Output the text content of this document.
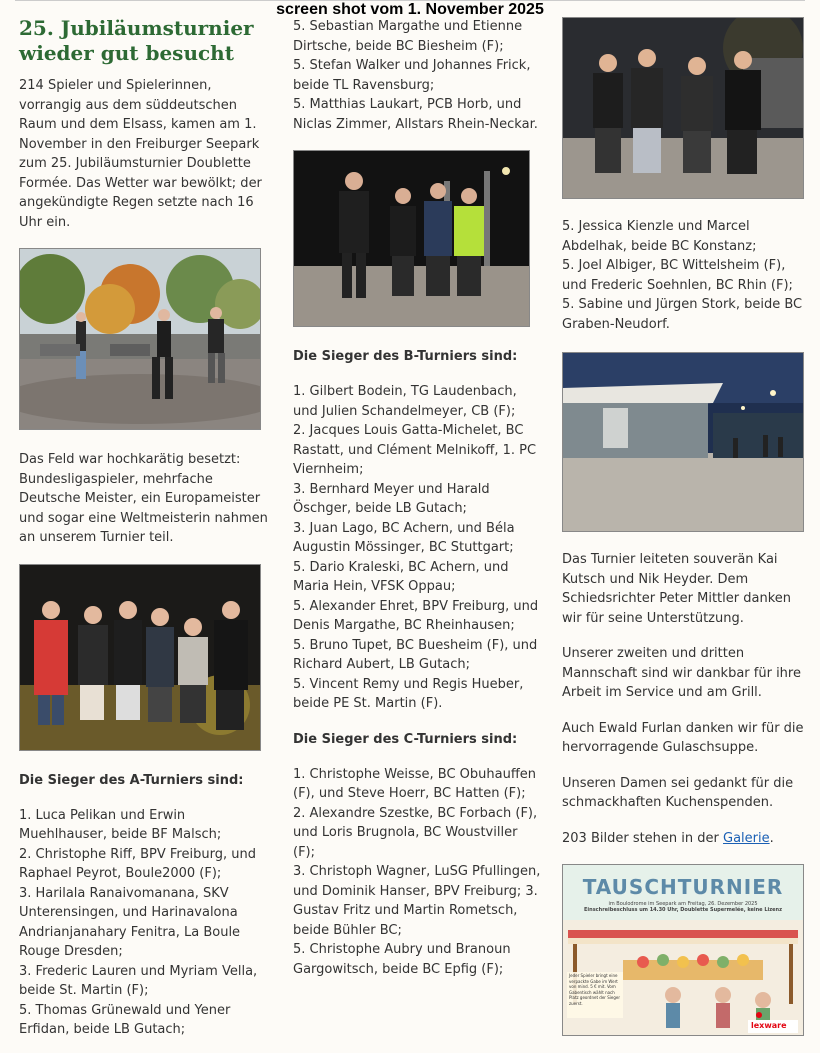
screen shot vom 1. November 2025
25. Jubiläumsturnier wieder gut besucht

214 Spieler und Spielerinnen, vorrangig aus dem süddeutschen Raum und dem Elsass, kamen am 1. November in den Freiburger Seepark zum 25. Jubiläumsturnier Doublette Formée. Das Wetter war bewölkt; der angekündigte Regen setzte nach 16 Uhr ein.

Das Feld war hochkarätig besetzt: Bundesligaspieler, mehrfache Deutsche Meister, ein Europameister und sogar eine Weltmeisterin nahmen an unserem Turnier teil.

Die Sieger des A-Turniers sind:
1. Luca Pelikan und Erwin Muehlhauser, beide BF Malsch;
2. Christophe Riff, BPV Freiburg, und Raphael Peyrot, Boule2000 (F);
3. Harilala Ranaivomanana, SKV Unterensingen, und Harinavalona Andrianjanahary Fenitra, La Boule Rouge Dresden;
3. Frederic Lauren und Myriam Vella, beide St. Martin (F);
5. Thomas Grünewald und Yener Erfidan, beide LB Gutach;
5. Sebastian Margathe und Etienne Dirtsche, beide BC Biesheim (F);
5. Stefan Walker und Johannes Frick, beide TL Ravensburg;
5. Matthias Laukart, PCB Horb, und Niclas Zimmer, Allstars Rhein-Neckar.
Die Sieger des B-Turniers sind:
1. Gilbert Bodein, TG Laudenbach, und Julien Schandelmeyer, CB (F);
2. Jacques Louis Gatta-Michelet, BC Rastatt, und Clément Melnikoff, 1. PC Viernheim;
3. Bernhard Meyer und Harald Öschger, beide LB Gutach;
3. Juan Lago, BC Achern, und Béla Augustin Mössinger, BC Stuttgart;
5. Dario Kraleski, BC Achern, und Maria Hein, VFSK Oppau;
5. Alexander Ehret, BPV Freiburg, und Denis Margathe, BC Rheinhausen;
5. Bruno Tupet, BC Buesheim (F), und Richard Aubert, LB Gutach;
5. Vincent Remy und Regis Hueber, beide PE St. Martin (F).
Die Sieger des C-Turniers sind:
1. Christophe Weisse, BC Obuhauffen (F), und Steve Hoerr, BC Hatten (F);
2. Alexandre Szestke, BC Forbach (F), und Loris Brugnola, BC Woustviller (F);
3. Christoph Wagner, LuSG Pfullingen, und Dominik Hanser, BPV Freiburg; 3. Gustav Fritz und Martin Rometsch, beide Bühler BC;
5. Christophe Aubry und Branoun Gargowitsch, beide BC Epfig (F);
5. Jessica Kienzle und Marcel Abdelhak, beide BC Konstanz;
5. Joel Albiger, BC Wittelsheim (F), und Frederic Soehnlen, BC Rhin (F);
5. Sabine und Jürgen Stork, beide BC Graben-Neudorf.

Das Turnier leiteten souverän Kai Kutsch und Nik Heyder. Dem Schiedsrichter Peter Mittler danken wir für seine Unterstützung.

Unserer zweiten und dritten Mannschaft sind wir dankbar für ihre Arbeit im Service und am Grill.

Auch Ewald Furlan danken wir für die hervorragende Gulaschsuppe.

Unseren Damen sei gedankt für die schmackhaften Kuchenspenden.

203 Bilder stehen in der Galerie.

TAUSCHTURNIER
im Boulodrome im Seepark am Freitag, 26. Dezember 2025
Einschreibeschluss um 14.30 Uhr, Doublette Supermelée, keine Lizenz
Jeder Spieler bringt eine verpackte Gabe im Wert von mind. 5 € mit. Vom Gabentisch wählt nach Platz geordnet der Sieger zuerst.
lexware
